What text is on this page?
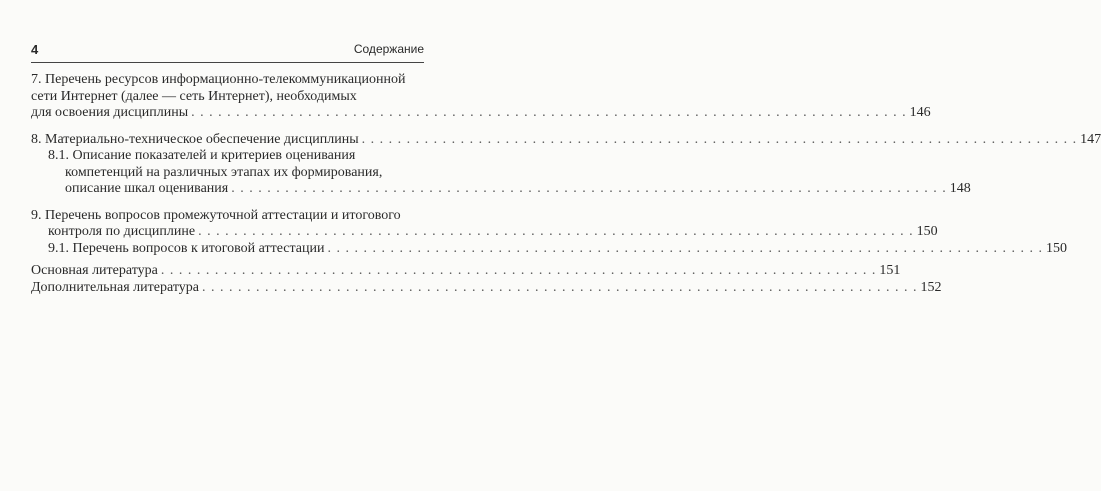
4	Содержание
7. Перечень ресурсов информационно-телекоммуникационной
сети Интернет (далее — сеть Интернет), необходимых
для освоения дисциплины . . . . . . . . . . . . . . . . . . . . . . . . . . . . . . . . . . . . . . . . . . . . . . . . . . . . . . . . . . . . . . . . . . . . . . . . . . . . . . . . 146
8. Материально-техническое обеспечение дисциплины . . . . . . . . . . . . . . . . . . . . . . . . . . . . . . . . . . . . . . . . . . . . . . . . . . . . . . . . . . . . . . . . . . . . . . . . . . . . . . . . 147
8.1. Описание показателей и критериев оценивания
компетенций на различных этапах их формирования,
описание шкал оценивания . . . . . . . . . . . . . . . . . . . . . . . . . . . . . . . . . . . . . . . . . . . . . . . . . . . . . . . . . . . . . . . . . . . . . . . . . . . . . . . . 148
9. Перечень вопросов промежуточной аттестации и итогового
контроля по дисциплине . . . . . . . . . . . . . . . . . . . . . . . . . . . . . . . . . . . . . . . . . . . . . . . . . . . . . . . . . . . . . . . . . . . . . . . . . . . . . . . . 150
9.1. Перечень вопросов к итоговой аттестации . . . . . . . . . . . . . . . . . . . . . . . . . . . . . . . . . . . . . . . . . . . . . . . . . . . . . . . . . . . . . . . . . . . . . . . . . . . . . . . . 150
Основная литература . . . . . . . . . . . . . . . . . . . . . . . . . . . . . . . . . . . . . . . . . . . . . . . . . . . . . . . . . . . . . . . . . . . . . . . . . . . . . . . . 151
Дополнительная литература . . . . . . . . . . . . . . . . . . . . . . . . . . . . . . . . . . . . . . . . . . . . . . . . . . . . . . . . . . . . . . . . . . . . . . . . . . . . . . . . 152
